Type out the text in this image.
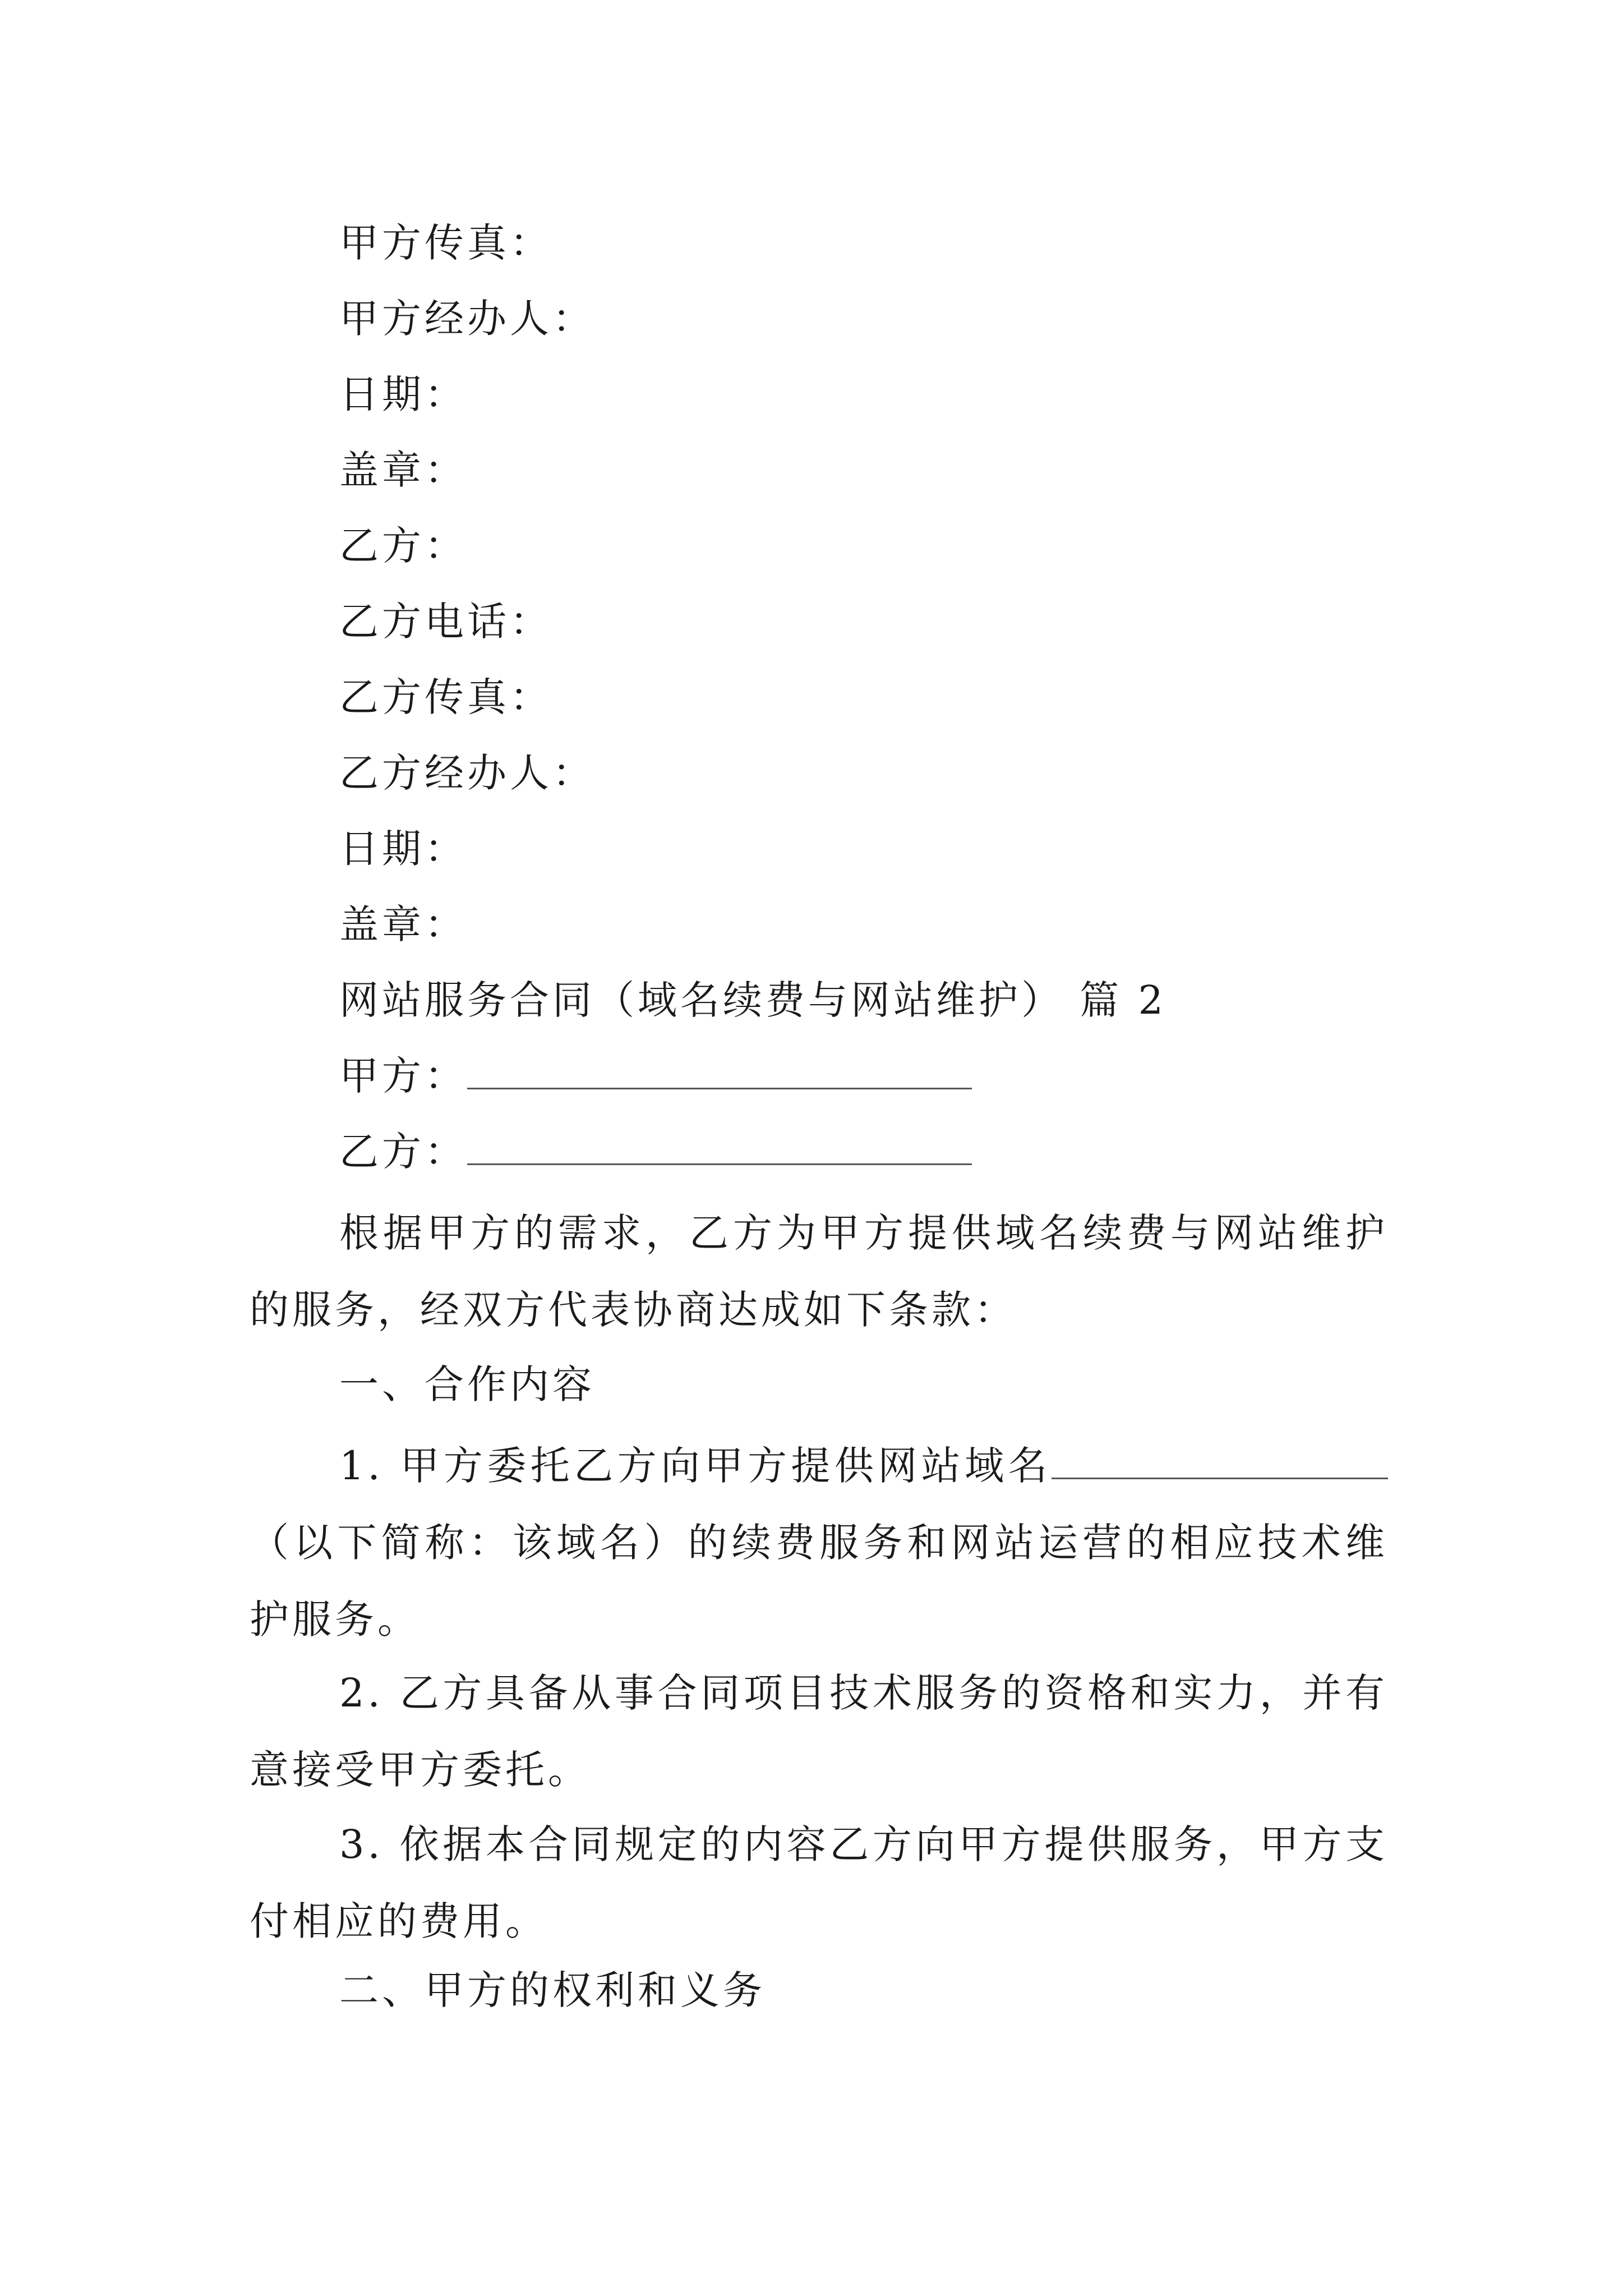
甲方传真：
甲方经办人：
日期：
盖章：
乙方：
乙方电话：
乙方传真：
乙方经办人：
日期：
盖章：
网站服务合同（域名续费与网站维护） 篇 2
甲方：
乙方：
根据甲方的需求，乙方为甲方提供域名续费与网站维护的服务，经双方代表协商达成如下条款：
一、合作内容
1. 甲方委托乙方向甲方提供网站域名（以下简称：该域名）的续费服务和网站运营的相应技术维护服务。
2. 乙方具备从事合同项目技术服务的资格和实力，并有意接受甲方委托。
3. 依据本合同规定的内容乙方向甲方提供服务，甲方支付相应的费用。
二、甲方的权利和义务
